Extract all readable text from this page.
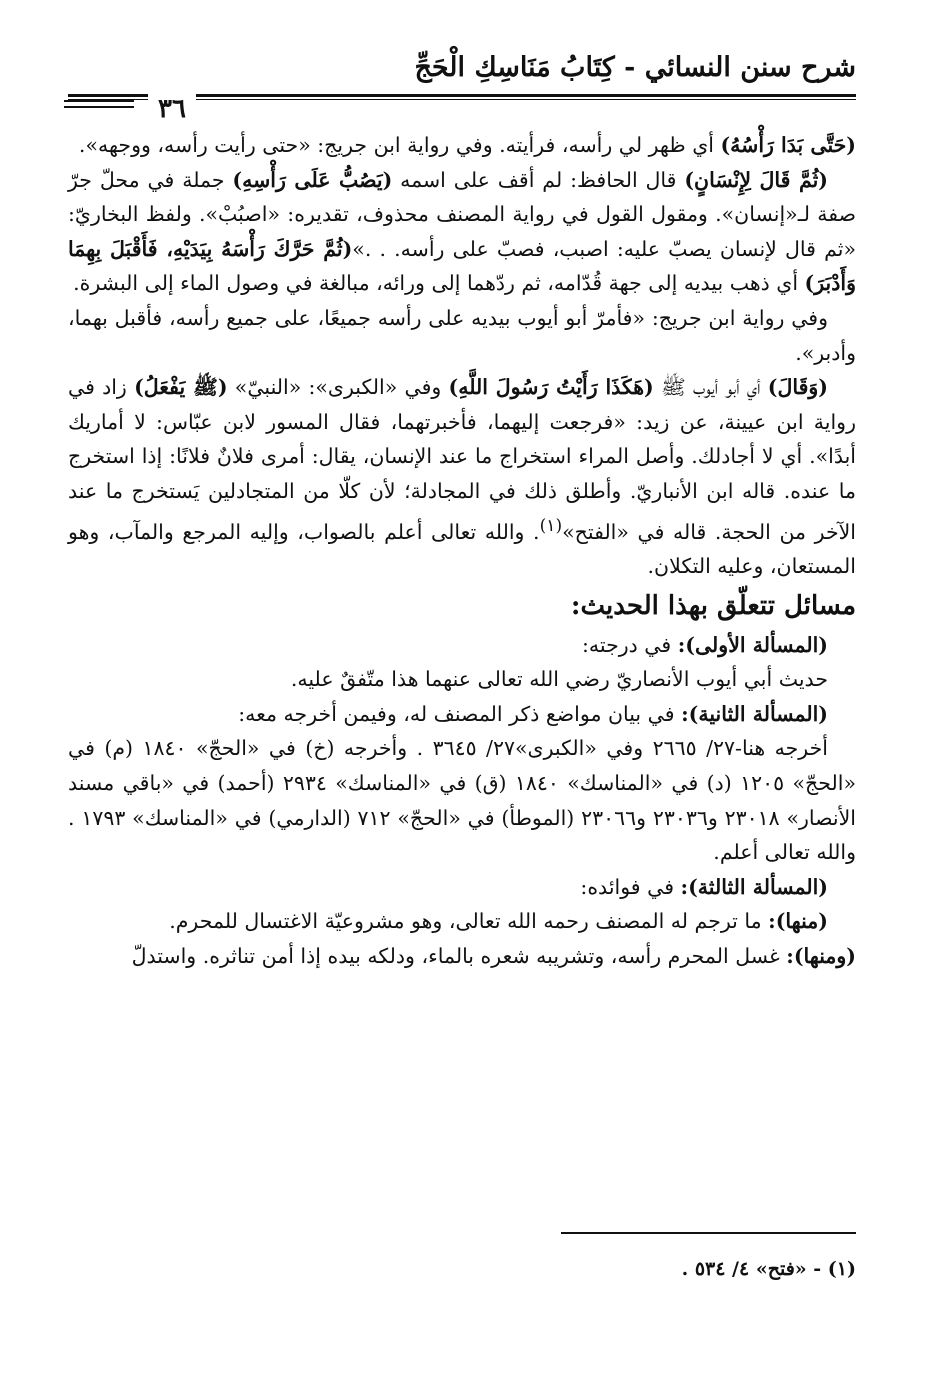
شرح سنن النسائي - كِتَابُ مَنَاسِكِ الْحَجِّ
٣٦

(حَتَّى بَدَا رَأْسُهُ) أي ظهر لي رأسه، فرأيته. وفي رواية ابن جريج: «حتى رأيت رأسه، ووجهه».

(ثُمَّ قَالَ لِإِنْسَانٍ) قال الحافظ: لم أقف على اسمه (يَصُبُّ عَلَى رَأْسِهِ) جملة في محلّ جرّ صفة لـ«إنسان». ومقول القول في رواية المصنف محذوف، تقديره: «اصبُبْ». ولفظ البخاريّ: «ثم قال لإنسان يصبّ عليه: اصبب، فصبّ على رأسه. . .»(ثُمَّ حَرَّكَ رَأْسَهُ بِيَدَيْهِ، فَأَقْبَلَ بِهِمَا وَأَدْبَرَ) أي ذهب بيديه إلى جهة قُدّامه، ثم ردّهما إلى ورائه، مبالغة في وصول الماء إلى البشرة.

وفي رواية ابن جريج: «فأمرّ أبو أيوب بيديه على رأسه جميعًا، على جميع رأسه، فأقبل بهما، وأدبر».

(وَقَالَ) أي أبو أيوب ﷺ (هَكَذَا رَأَيْتُ رَسُولَ اللَّهِ) وفي «الكبرى»: «النبيّ» (ﷺ يَفْعَلُ) زاد في رواية ابن عيينة، عن زيد: «فرجعت إليهما، فأخبرتهما، فقال المسور لابن عبّاس: لا أماريك أبدًا». أي لا أجادلك. وأصل المراء استخراج ما عند الإنسان، يقال: أمرى فلانٌ فلانًا: إذا استخرج ما عنده. قاله ابن الأنباريّ. وأطلق ذلك في المجادلة؛ لأن كلّا من المتجادلين يَستخرج ما عند الآخر من الحجة. قاله في «الفتح»$^{(١)}$. والله تعالى أعلم بالصواب، وإليه المرجع والمآب، وهو المستعان، وعليه التكلان.

مسائل تتعلّق بهذا الحديث:

(المسألة الأولى): في درجته:

حديث أبي أيوب الأنصاريّ رضي الله تعالى عنهما هذا متّفقٌ عليه.

(المسألة الثانية): في بيان مواضع ذكر المصنف له، وفيمن أخرجه معه:

أخرجه هنا-٢٧/ ٢٦٦٥ وفي «الكبرى»٢٧/ ٣٦٤٥ . وأخرجه (خ) في «الحجّ» ١٨٤٠ (م) في «الحجّ» ١٢٠٥ (د) في «المناسك» ١٨٤٠ (ق) في «المناسك» ٢٩٣٤ (أحمد) في «باقي مسند الأنصار» ٢٣٠١٨ و٢٣٠٣٦ و٢٣٠٦٦ (الموطأ) في «الحجّ» ٧١٢ (الدارمي) في «المناسك» ١٧٩٣ . والله تعالى أعلم.

(المسألة الثالثة): في فوائده:

(منها): ما ترجم له المصنف رحمه الله تعالى، وهو مشروعيّة الاغتسال للمحرم.

(ومنها): غسل المحرم رأسه، وتشريبه شعره بالماء، ودلكه بيده إذا أمن تناثره. واستدلّ

(١) - «فتح» ٤/ ٥٣٤ .
